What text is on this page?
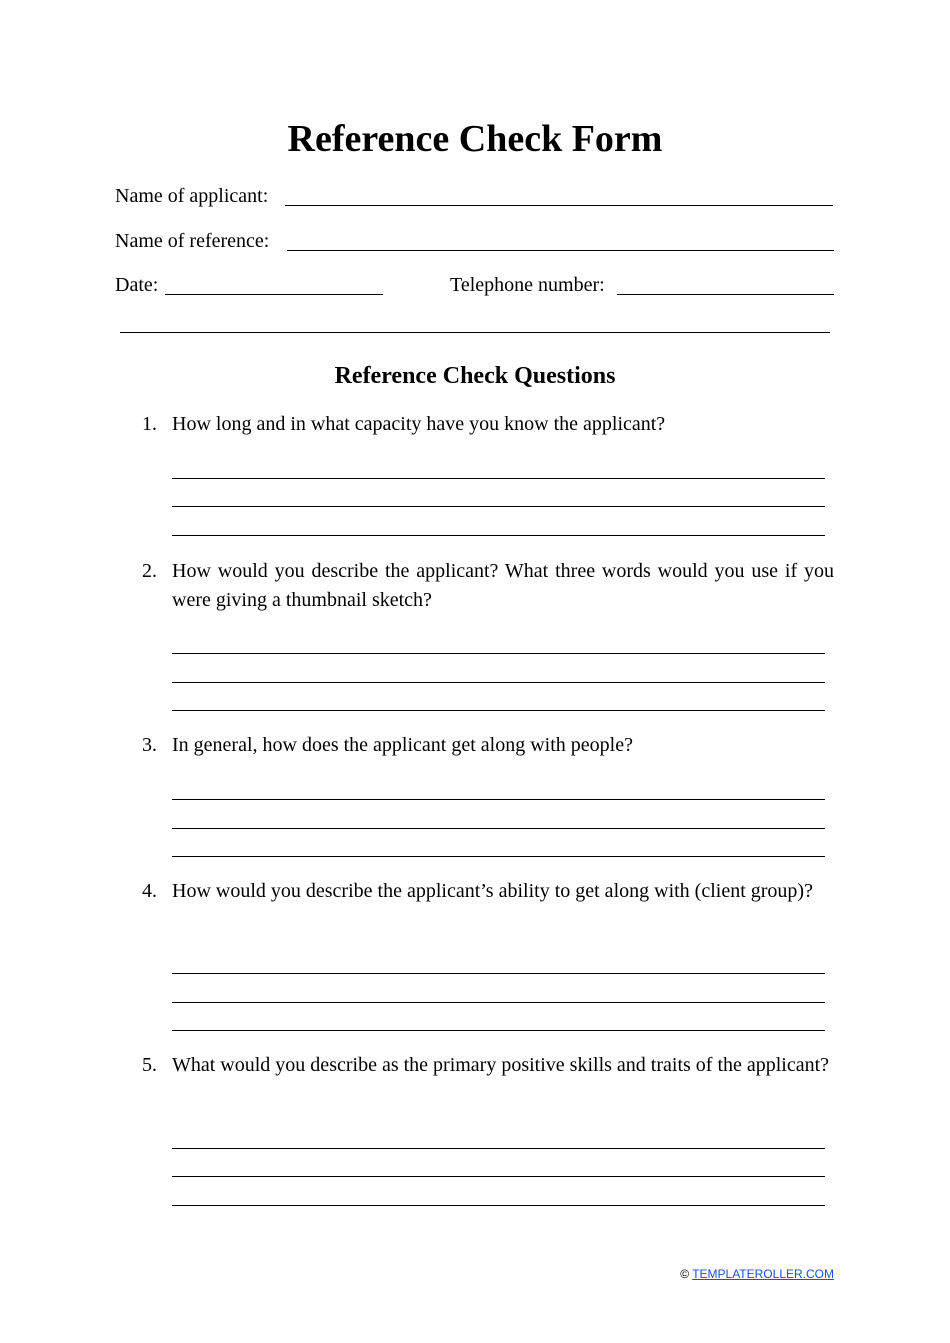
Reference Check Form
Name of applicant:
Name of reference:
Date:	Telephone number:
Reference Check Questions
1. How long and in what capacity have you know the applicant?
2. How would you describe the applicant? What three words would you use if you were giving a thumbnail sketch?
3. In general, how does the applicant get along with people?
4. How would you describe the applicant’s ability to get along with (client group)?
5. What would you describe as the primary positive skills and traits of the applicant?
© TEMPLATEROLLER.COM
